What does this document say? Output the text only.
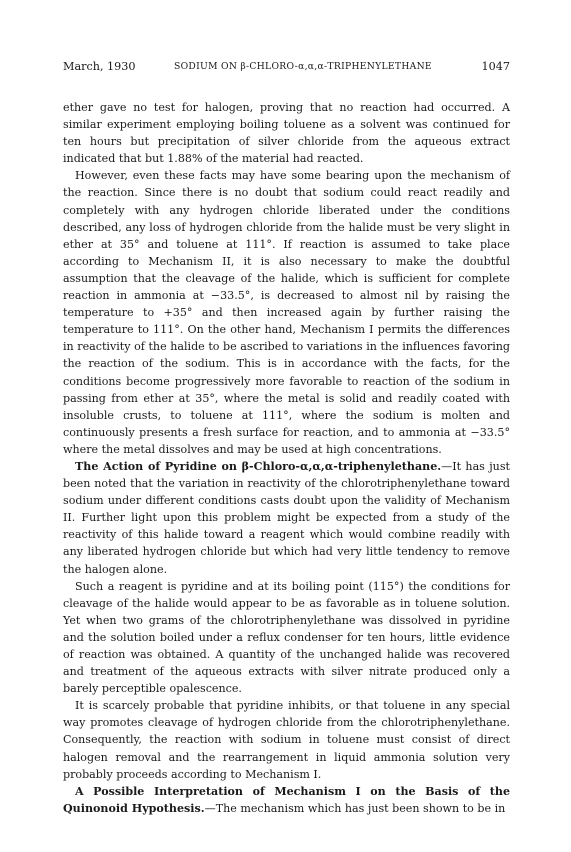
March, 1930	SODIUM ON β-CHLORO-α,α,α-TRIPHENYLETHANE	1047

ether gave no test for halogen, proving that no reaction had occurred. A similar experiment employing boiling toluene as a solvent was continued for ten hours but precipitation of silver chloride from the aqueous extract indicated that but 1.88% of the material had reacted.

However, even these facts may have some bearing upon the mechanism of the reaction. Since there is no doubt that sodium could react readily and completely with any hydrogen chloride liberated under the conditions described, any loss of hydrogen chloride from the halide must be very slight in ether at 35° and toluene at 111°. If reaction is assumed to take place according to Mechanism II, it is also necessary to make the doubtful assumption that the cleavage of the halide, which is sufficient for complete reaction in ammonia at −33.5°, is decreased to almost nil by raising the temperature to +35° and then increased again by further raising the temperature to 111°. On the other hand, Mechanism I permits the differences in reactivity of the halide to be ascribed to variations in the influences favoring the reaction of the sodium. This is in accordance with the facts, for the conditions become progressively more favorable to reaction of the sodium in passing from ether at 35°, where the metal is solid and readily coated with insoluble crusts, to toluene at 111°, where the sodium is molten and continuously presents a fresh surface for reaction, and to ammonia at −33.5° where the metal dissolves and may be used at high concentrations.

The Action of Pyridine on β-Chloro-α,α,α-triphenylethane.—It has just been noted that the variation in reactivity of the chlorotriphenylethane toward sodium under different conditions casts doubt upon the validity of Mechanism II. Further light upon this problem might be expected from a study of the reactivity of this halide toward a reagent which would combine readily with any liberated hydrogen chloride but which had very little tendency to remove the halogen alone.

Such a reagent is pyridine and at its boiling point (115°) the conditions for cleavage of the halide would appear to be as favorable as in toluene solution. Yet when two grams of the chlorotriphenylethane was dissolved in pyridine and the solution boiled under a reflux condenser for ten hours, little evidence of reaction was obtained. A quantity of the unchanged halide was recovered and treatment of the aqueous extracts with silver nitrate produced only a barely perceptible opalescence.

It is scarcely probable that pyridine inhibits, or that toluene in any special way promotes cleavage of hydrogen chloride from the chlorotriphenylethane. Consequently, the reaction with sodium in toluene must consist of direct halogen removal and the rearrangement in liquid ammonia solution very probably proceeds according to Mechanism I.

A Possible Interpretation of Mechanism I on the Basis of the Quinonoid Hypothesis.—The mechanism which has just been shown to be in
